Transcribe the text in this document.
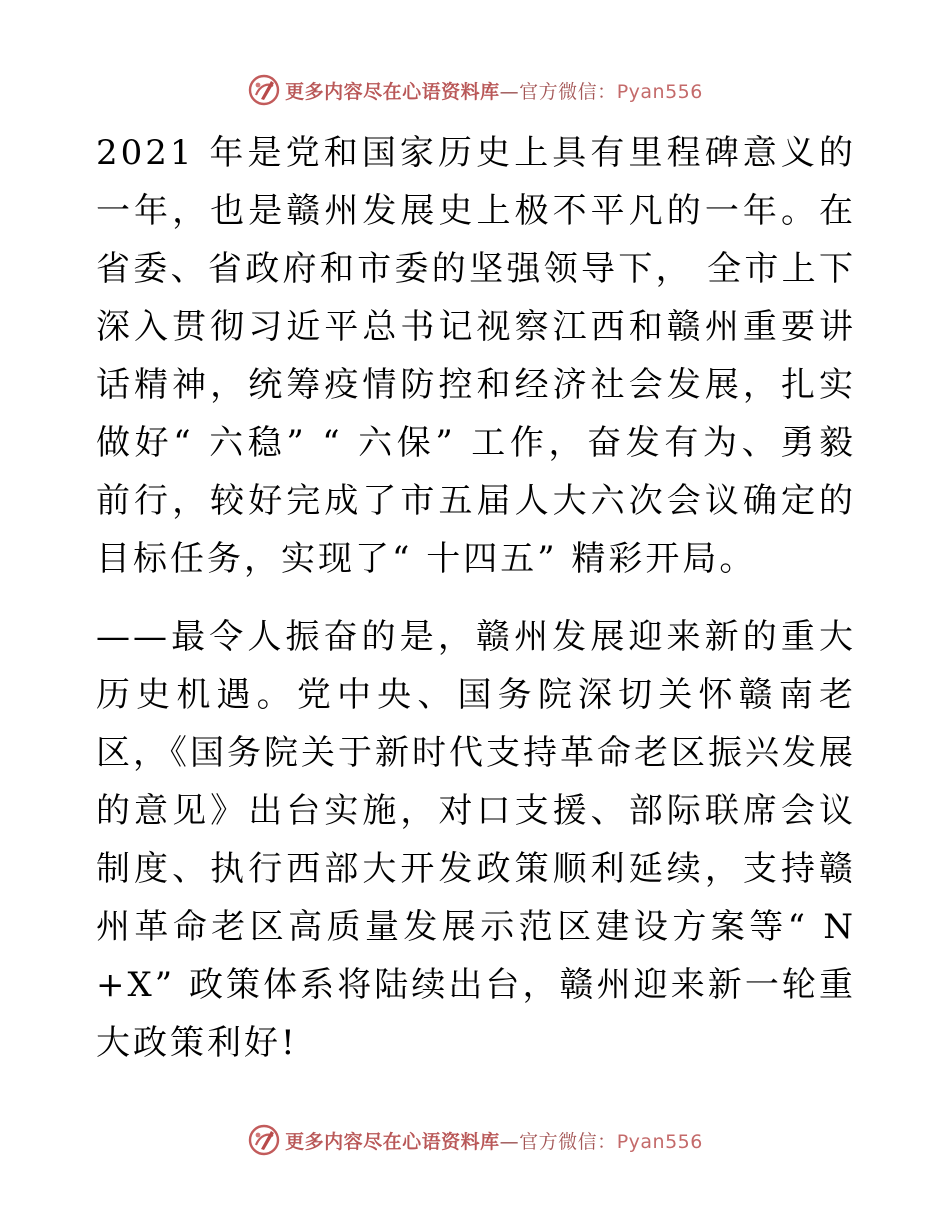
更多内容尽在心语资料库—官方微信：Pyan556

2021 年是党和国家历史上具有里程碑意义的一年，也是赣州发展史上极不平凡的一年。在省委、省政府和市委的坚强领导下， 全市上下深入贯彻习近平总书记视察江西和赣州重要讲话精神，统筹疫情防控和经济社会发展，扎实做好“ 六稳” “ 六保” 工作，奋发有为、勇毅前行，较好完成了市五届人大六次会议确定的目标任务，实现了“ 十四五” 精彩开局。

——最令人振奋的是，赣州发展迎来新的重大历史机遇。党中央、国务院深切关怀赣南老区，《国务院关于新时代支持革命老区振兴发展的意见》出台实施，对口支援、部际联席会议制度、执行西部大开发政策顺利延续，支持赣州革命老区高质量发展示范区建设方案等“ N+X” 政策体系将陆续出台，赣州迎来新一轮重大政策利好!

更多内容尽在心语资料库—官方微信：Pyan556
